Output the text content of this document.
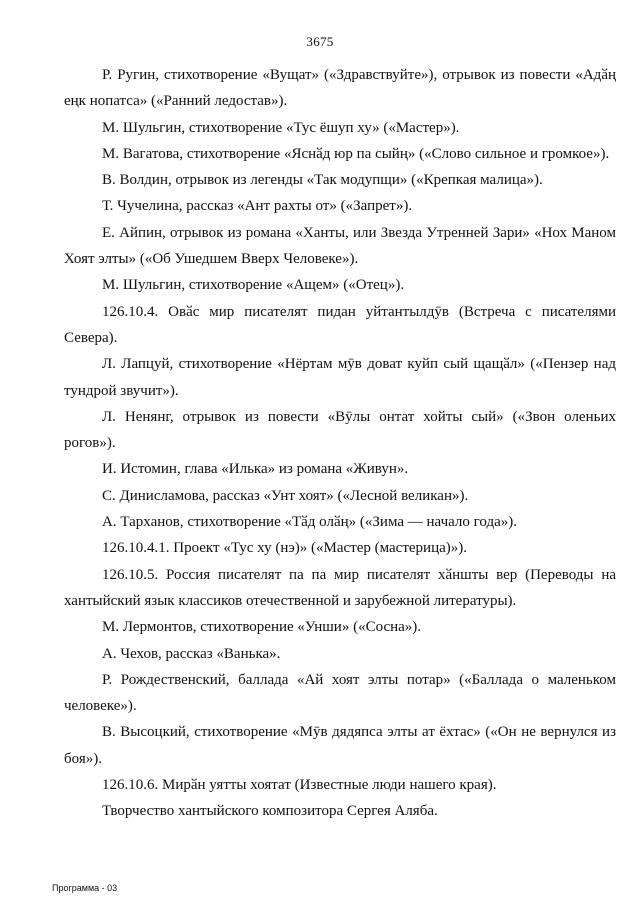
3675

Р. Ругин, стихотворение «Вущат» («Здравствуйте»), отрывок из повести «Адӑң еңк нопатса» («Ранний ледостав»).

М. Шульгин, стихотворение «Тус ёшуп ху» («Мастер»).

М. Вагатова, стихотворение «Яснӑд юр па сыйң» («Слово сильное и громкое»).

В. Волдин, отрывок из легенды «Так модупщи» («Крепкая малица»).

Т. Чучелина, рассказ «Ант рахты от» («Запрет»).

Е. Айпин, отрывок из романа «Ханты, или Звезда Утренней Зари» «Нох Маном Хоят элты» («Об Ушедшем Вверх Человеке»).

М. Шульгин, стихотворение «Ащем» («Отец»).

126.10.4. Овӑс мир писателят пидан уйтантылдӯв (Встреча с писателями Севера).

Л. Лапцуй, стихотворение «Нёртам мӯв доват куйп сый щащӑл» («Пензер над тундрой звучит»).

Л. Ненянг, отрывок из повести «Вӯлы онтат хойты сый» («Звон оленьих рогов»).

И. Истомин, глава «Илька» из романа «Живун».

С. Динисламова, рассказ «Унт хоят» («Лесной великан»).

А. Тарханов, стихотворение «Тӑд олӑң» («Зима — начало года»).

126.10.4.1. Проект «Тус ху (нэ)» («Мастер (мастерица)»).

126.10.5. Россия писателят па па мир писателят хӑншты вер (Переводы на хантыйский язык классиков отечественной и зарубежной литературы).

М. Лермонтов, стихотворение «Унши» («Сосна»).

А. Чехов, рассказ «Ванька».

Р. Рождественский, баллада «Ай хоят элты потар» («Баллада о маленьком человеке»).

В. Высоцкий, стихотворение «Мӯв дядяпса элты ат ёхтас» («Он не вернулся из боя»).

126.10.6. Мирӑн уятты хоятат (Известные люди нашего края).

Творчество хантыйского композитора Сергея Аляба.

Программа - 03
